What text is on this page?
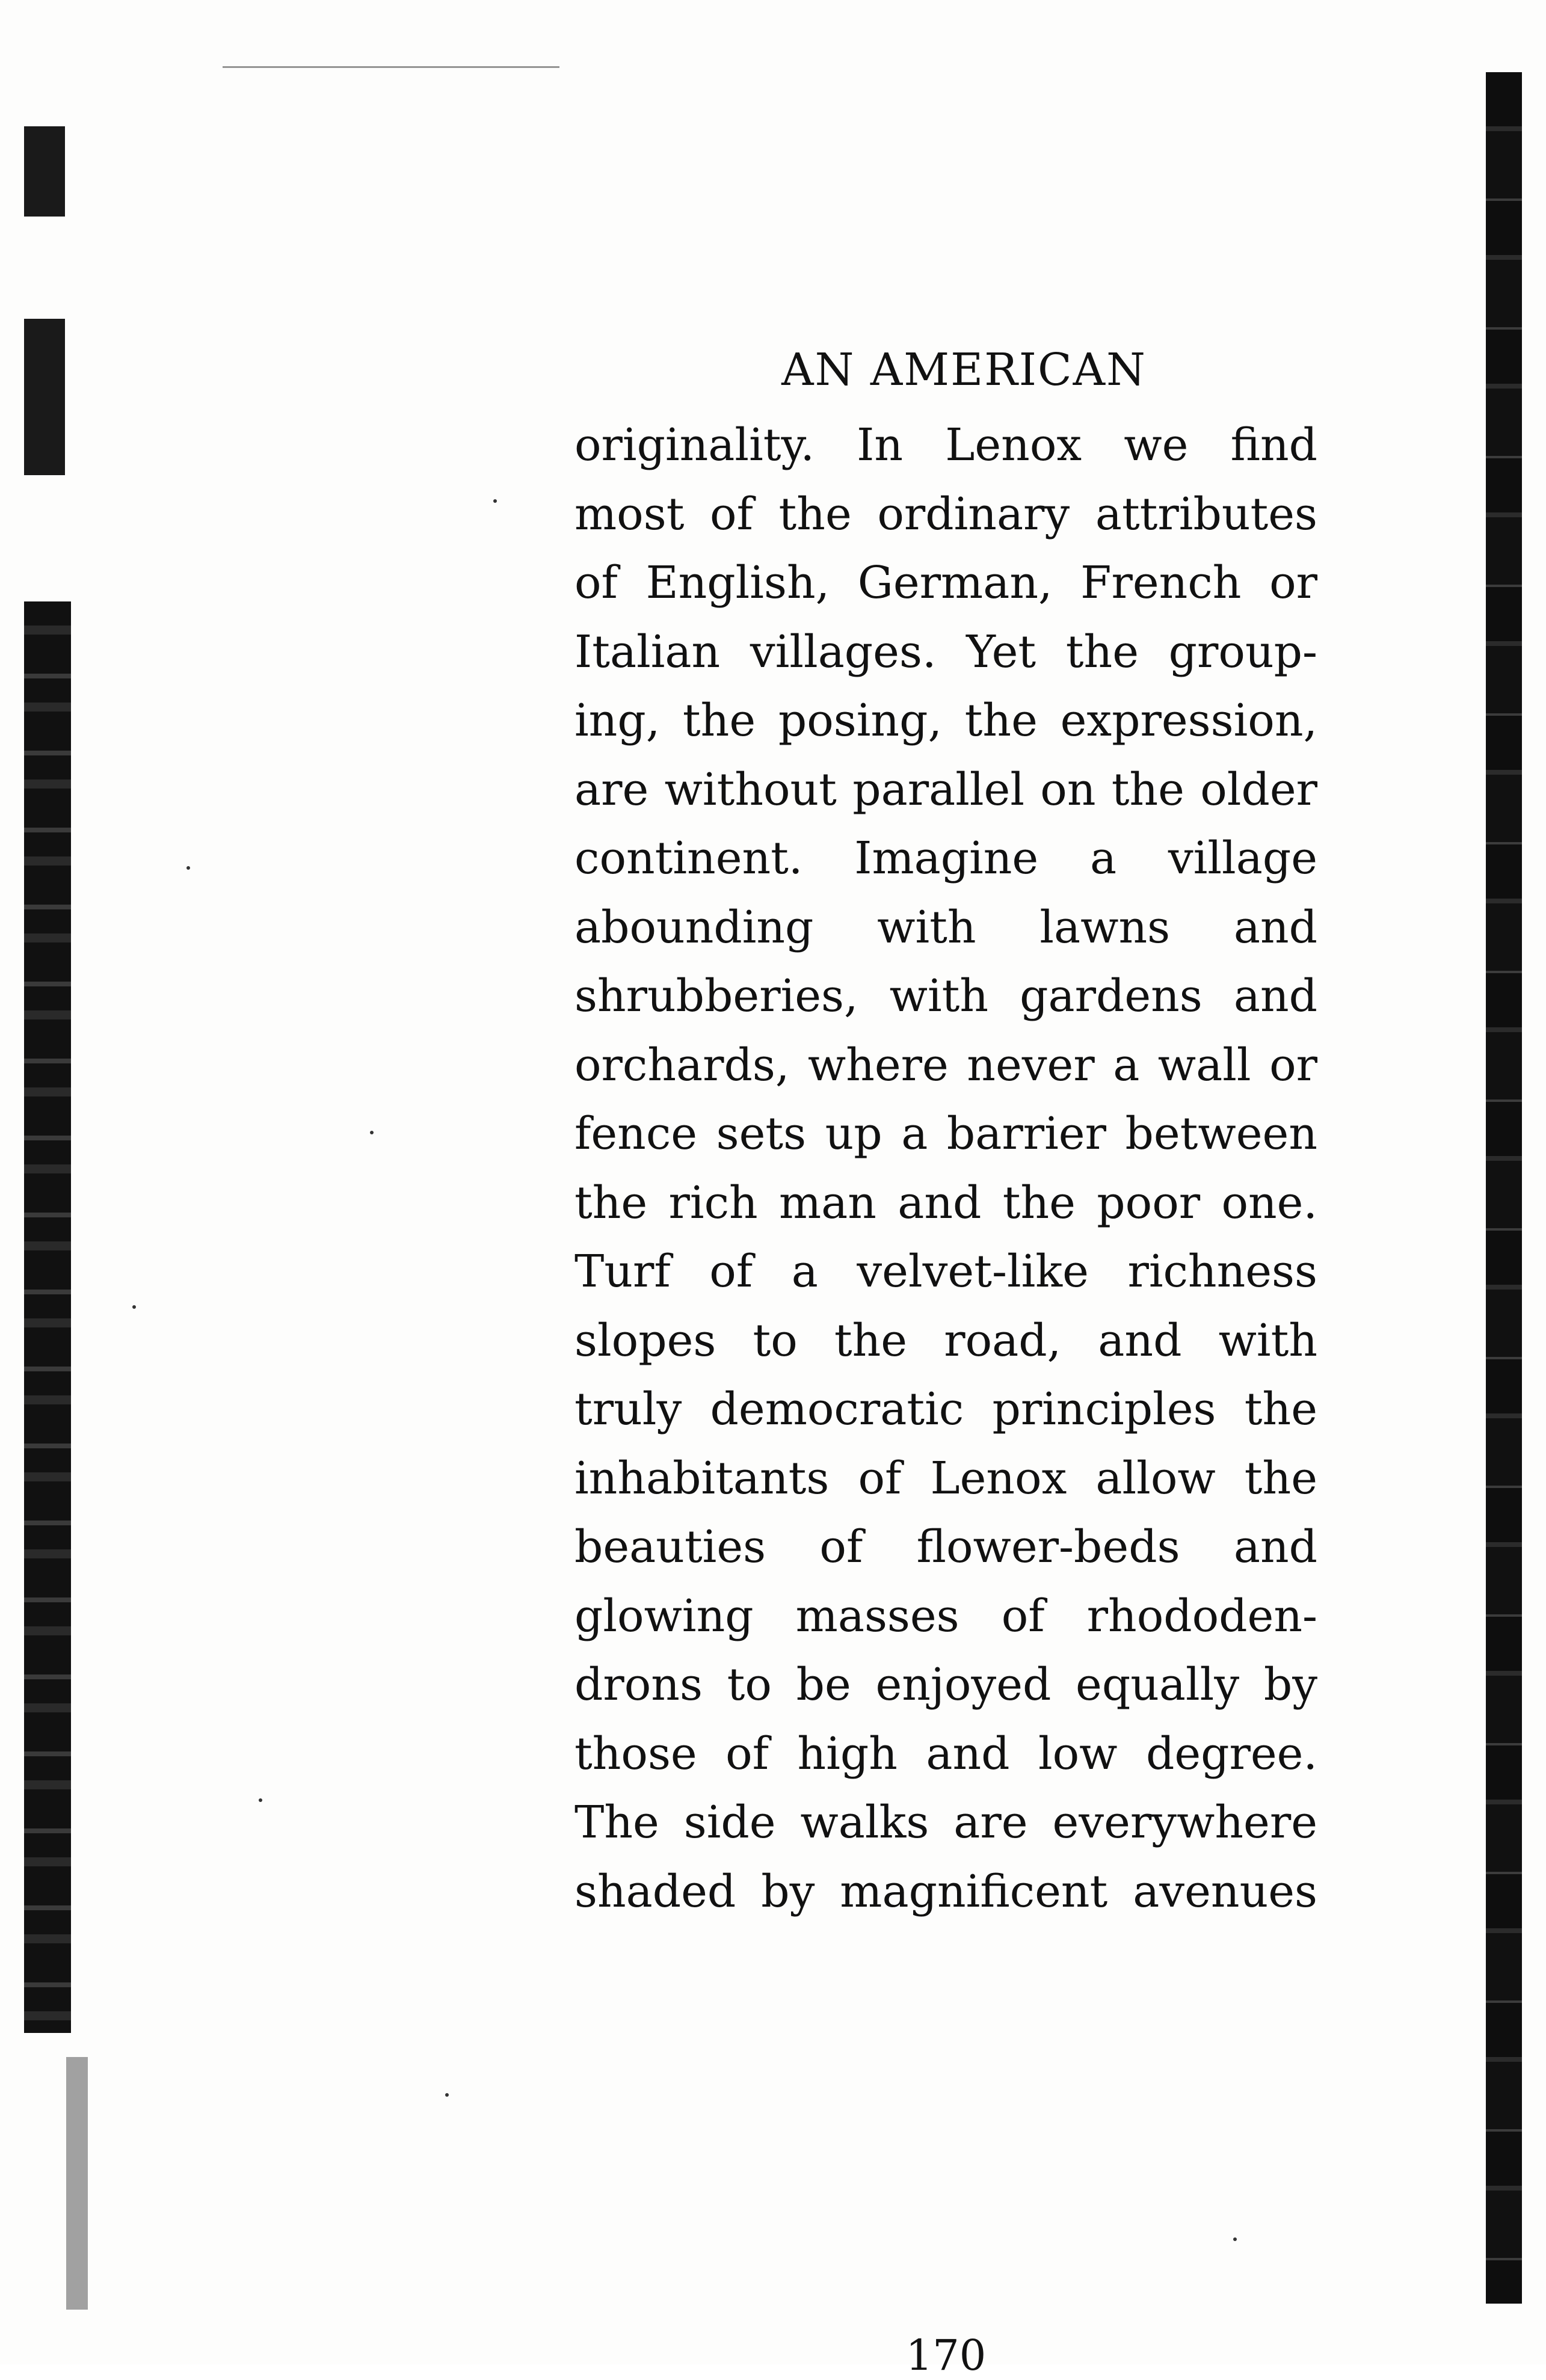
AN AMERICAN
originality. In Lenox we find
most of the ordinary attributes
of English, German, French or
Italian villages. Yet the group-
ing, the posing, the expression,
are without parallel on the older
continent. Imagine a village
abounding with lawns and
shrubberies, with gardens and
orchards, where never a wall or
fence sets up a barrier between
the rich man and the poor one.
Turf of a velvet-like richness
slopes to the road, and with
truly democratic principles the
inhabitants of Lenox allow the
beauties of flower-beds and
glowing masses of rhododen-
drons to be enjoyed equally by
those of high and low degree.
The side walks are everywhere
shaded by magnificent avenues
170
